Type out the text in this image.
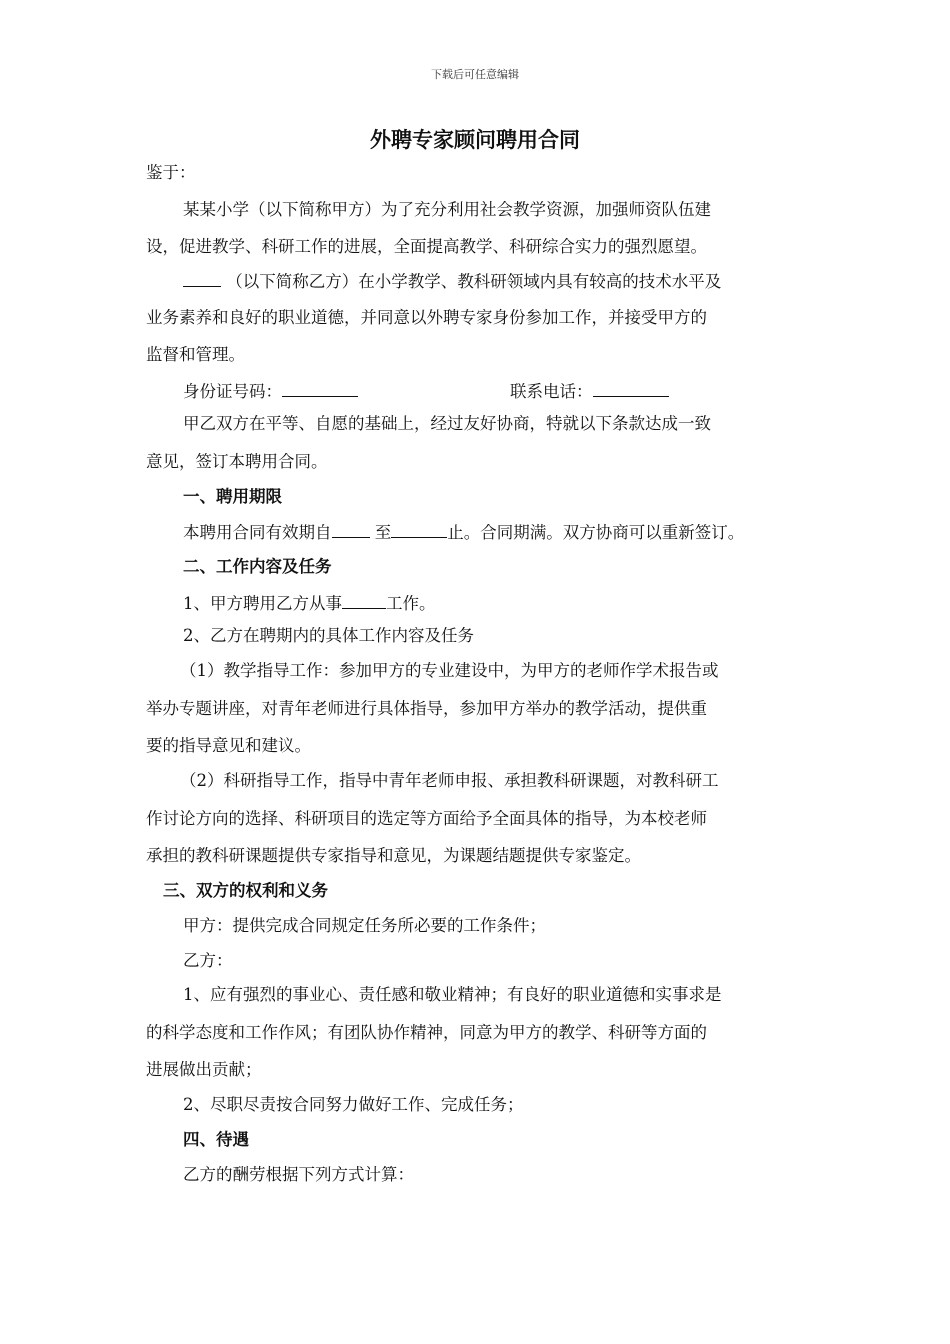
下载后可任意编辑
外聘专家顾问聘用合同
鉴于：
某某小学（以下简称甲方）为了充分利用社会教学资源，加强师资队伍建
设，促进教学、科研工作的进展，全面提高教学、科研综合实力的强烈愿望。
（以下简称乙方）在小学教学、教科研领域内具有较高的技术水平及
业务素养和良好的职业道德，并同意以外聘专家身份参加工作，并接受甲方的
监督和管理。
身份证号码：	联系电话：
甲乙双方在平等、自愿的基础上，经过友好协商，特就以下条款达成一致
意见，签订本聘用合同。
一、聘用期限
本聘用合同有效期自	至	止。合同期满。双方协商可以重新签订。
二、工作内容及任务
1、甲方聘用乙方从事	工作。
2、乙方在聘期内的具体工作内容及任务
（1）教学指导工作：参加甲方的专业建设中，为甲方的老师作学术报告或
举办专题讲座，对青年老师进行具体指导，参加甲方举办的教学活动，提供重
要的指导意见和建议。
（2）科研指导工作，指导中青年老师申报、承担教科研课题，对教科研工
作讨论方向的选择、科研项目的选定等方面给予全面具体的指导，为本校老师
承担的教科研课题提供专家指导和意见，为课题结题提供专家鉴定。
三、双方的权利和义务
甲方：提供完成合同规定任务所必要的工作条件；
乙方：
1、应有强烈的事业心、责任感和敬业精神；有良好的职业道德和实事求是
的科学态度和工作作风；有团队协作精神，同意为甲方的教学、科研等方面的
进展做出贡献；
2、尽职尽责按合同努力做好工作、完成任务；
四、待遇
乙方的酬劳根据下列方式计算：
